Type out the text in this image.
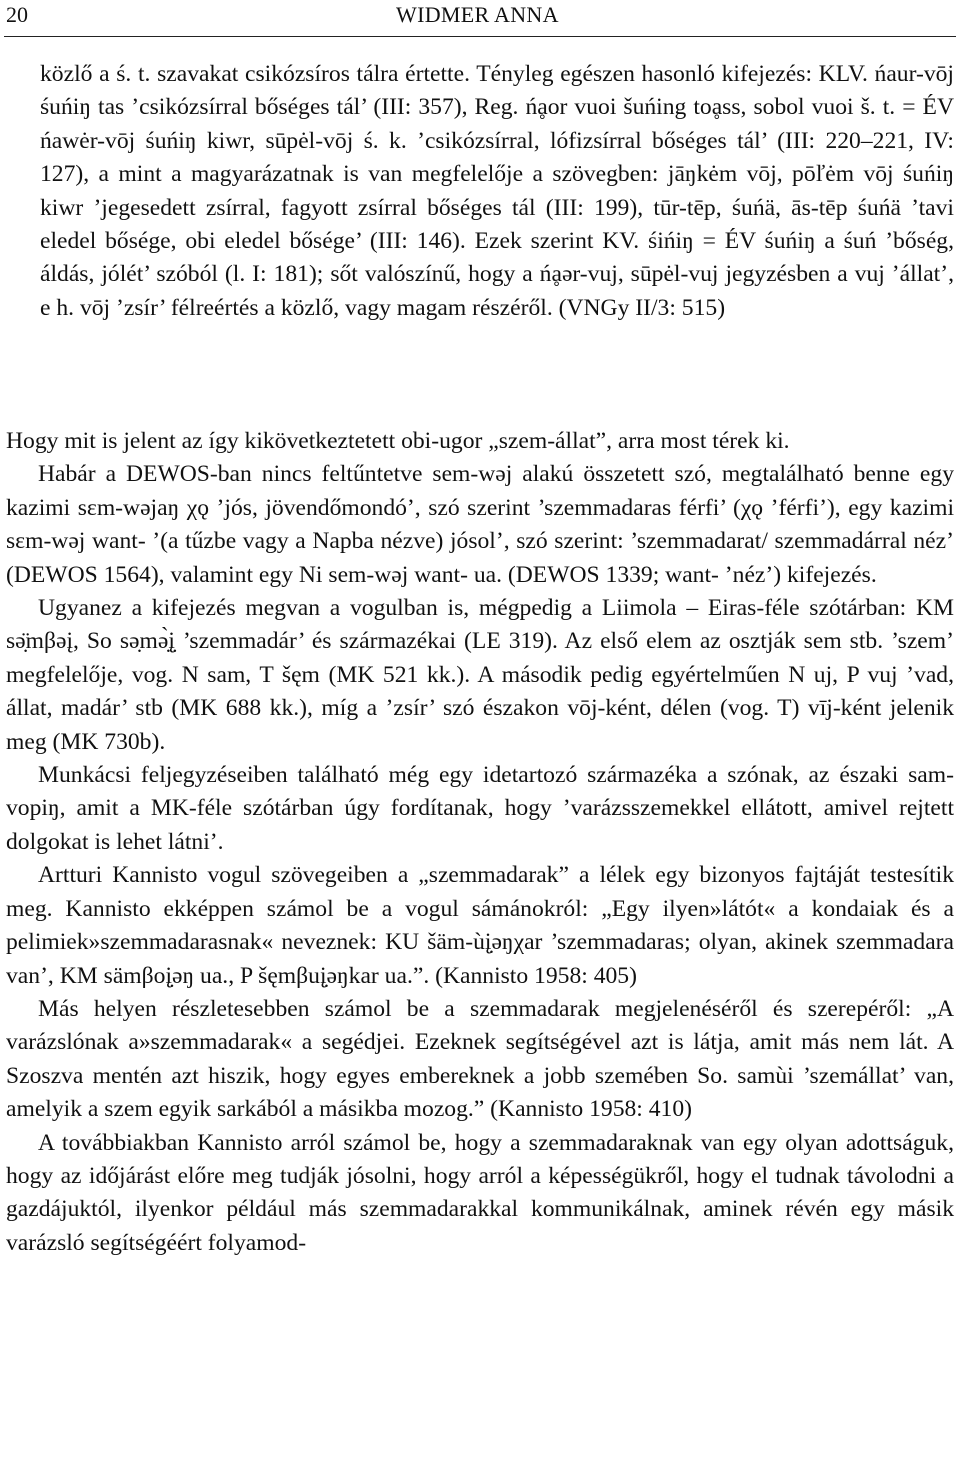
20	WIDMER ANNA

közlő a ś. t. szavakat csikózsíros tálra értette. Tényleg egészen hasonló kifejezés: KLV. ńaur-vōj śuńiŋ tas ’csikózsírral bőséges tál’ (III: 357), Reg. ńḁor vuoi šuńing toḁss, sobol vuoi š. t. = ÉV ńawėr-vōj śuńiŋ kiwr, sūpėl-vōj ś. k. ’csikózsírral, lófizsírral bőséges tál’ (III: 220–221, IV: 127), a mint a magyarázatnak is van megfelelője a szövegben: jāŋkėm vōj, pōľėm vōj śuńiŋ kiwr ’jegesedett zsírral, fagyott zsírral bőséges tál (III: 199), tūr-tēp, śuńä, ās-tēp śuńä ’tavi eledel bősége, obi eledel bősége’ (III: 146). Ezek szerint KV. śińiŋ = ÉV śuńiŋ a śuń ’bőség, áldás, jólét’ szóból (l. I: 181); sőt valószínű, hogy a ńḁər-vuj, sūpėl-vuj jegyzésben a vuj ’állat’, e h. vōj ’zsír’ félreértés a közlő, vagy magam részéről. (VNGy II/3: 515)

Hogy mit is jelent az így kikövetkeztetett obi-ugor „szem-állat”, arra most térek ki.

Habár a DEWOS-ban nincs feltűntetve sem-wəj alakú összetett szó, megtalálható benne egy kazimi sɛm-wəjaŋ χǫ ’jós, jövendőmondó’, szó szerint ’szemmadaras férfi’ (χǫ ’férfi’), egy kazimi sɛm-wəj want- ’(a tűzbe vagy a Napba nézve) jósol’, szó szerint: ’szemmadarat/ szemmadárral néz’ (DEWOS 1564), valamint egy Ni sem-wəj want- ua. (DEWOS 1339; want- ’néz’) kifejezés.

Ugyanez a kifejezés megvan a vogulban is, mégpedig a Liimola – Eiras-féle szótárban: KM sə̣̈mβəį, So sə̣mə̣̀į̣ ’szemmadár’ és származékai (LE 319). Az első elem az osztják sem stb. ’szem’ megfelelője, vog. N sam, T šęm (MK 521 kk.). A második pedig egyértelműen N uj, P vuj ’vad, állat, madár’ stb (MK 688 kk.), míg a ’zsír’ szó északon vōj-ként, délen (vog. T) vīj-ként jelenik meg (MK 730b).

Munkácsi feljegyzéseiben található még egy idetartozó származéka a szónak, az északi sam-vopiŋ, amit a MK-féle szótárban úgy fordítanak, hogy ’varázsszemekkel ellátott, amivel rejtett dolgokat is lehet látni’.

Artturi Kannisto vogul szövegeiben a „szemmadarak” a lélek egy bizonyos fajtáját testesítik meg. Kannisto ekképpen számol be a vogul sámánokról: „Egy ilyen»látót« a kondaiak és a pelimiek»szemmadarasnak« neveznek: KU šäm-ùį̣əŋχar ’szemmadaras; olyan, akinek szemmadara van’, KM sämβoį̣əŋ ua., P šęmβuį̣əŋkar ua.”. (Kannisto 1958: 405)

Más helyen részletesebben számol be a szemmadarak megjelenéséről és szerepéről: „A varázslónak a»szemmadarak« a segédjei. Ezeknek segítségével azt is látja, amit más nem lát. A Szoszva mentén azt hiszik, hogy egyes embereknek a jobb szemében So. samùi ’szemállat’ van, amelyik a szem egyik sarkából a másikba mozog.” (Kannisto 1958: 410)

A továbbiakban Kannisto arról számol be, hogy a szemmadaraknak van egy olyan adottságuk, hogy az időjárást előre meg tudják jósolni, hogy arról a képességükről, hogy el tudnak távolodni a gazdájuktól, ilyenkor például más szemmadarakkal kommunikálnak, aminek révén egy másik varázsló segítségéért folyamod-
